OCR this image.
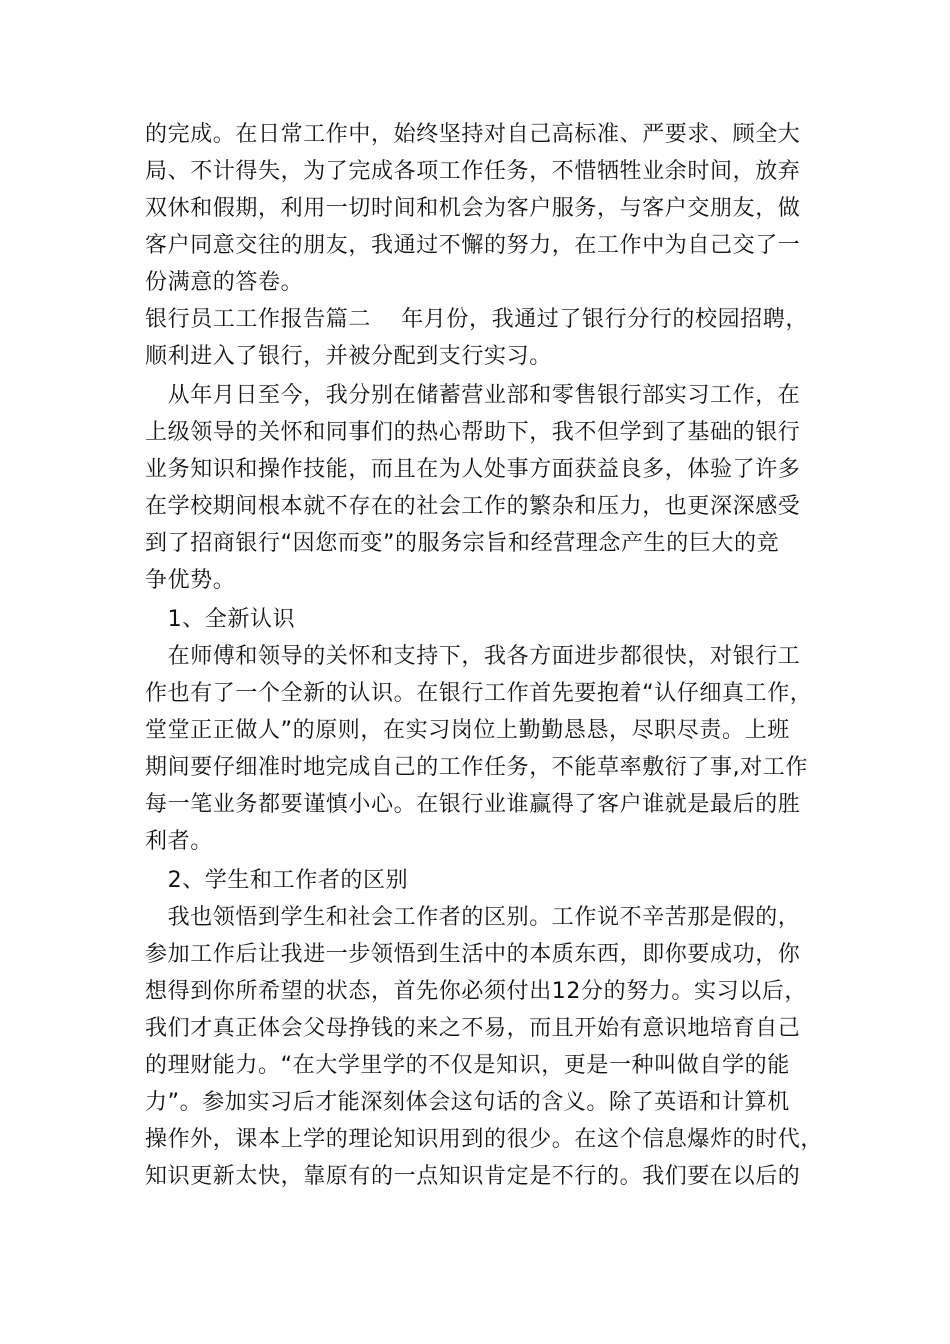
的完成。在日常工作中，始终坚持对自己高标准、严要求、顾全大
局、不计得失，为了完成各项工作任务，不惜牺牲业余时间，放弃
双休和假期，利用一切时间和机会为客户服务，与客户交朋友，做
客户同意交往的朋友，我通过不懈的努力，在工作中为自己交了一
份满意的答卷。
银行员工工作报告篇二　 年月份，我通过了银行分行的校园招聘，
顺利进入了银行，并被分配到支行实习。
　从年月日至今，我分别在储蓄营业部和零售银行部实习工作，在
上级领导的关怀和同事们的热心帮助下，我不但学到了基础的银行
业务知识和操作技能，而且在为人处事方面获益良多，体验了许多
在学校期间根本就不存在的社会工作的繁杂和压力，也更深深感受
到了招商银行“因您而变”的服务宗旨和经营理念产生的巨大的竞
争优势。
　1、全新认识
　在师傅和领导的关怀和支持下，我各方面进步都很快，对银行工
作也有了一个全新的认识。在银行工作首先要抱着“认仔细真工作，
堂堂正正做人”的原则，在实习岗位上勤勤恳恳，尽职尽责。上班
期间要仔细准时地完成自己的工作任务，不能草率敷衍了事,对工作
每一笔业务都要谨慎小心。在银行业谁赢得了客户谁就是最后的胜
利者。
　2、学生和工作者的区别
　我也领悟到学生和社会工作者的区别。工作说不辛苦那是假的，
参加工作后让我进一步领悟到生活中的本质东西，即你要成功，你
想得到你所希望的状态，首先你必须付出12分的努力。实习以后，
我们才真正体会父母挣钱的来之不易，而且开始有意识地培育自己
的理财能力。“在大学里学的不仅是知识，更是一种叫做自学的能
力”。参加实习后才能深刻体会这句话的含义。除了英语和计算机
操作外，课本上学的理论知识用到的很少。在这个信息爆炸的时代，
知识更新太快，靠原有的一点知识肯定是不行的。我们要在以后的
